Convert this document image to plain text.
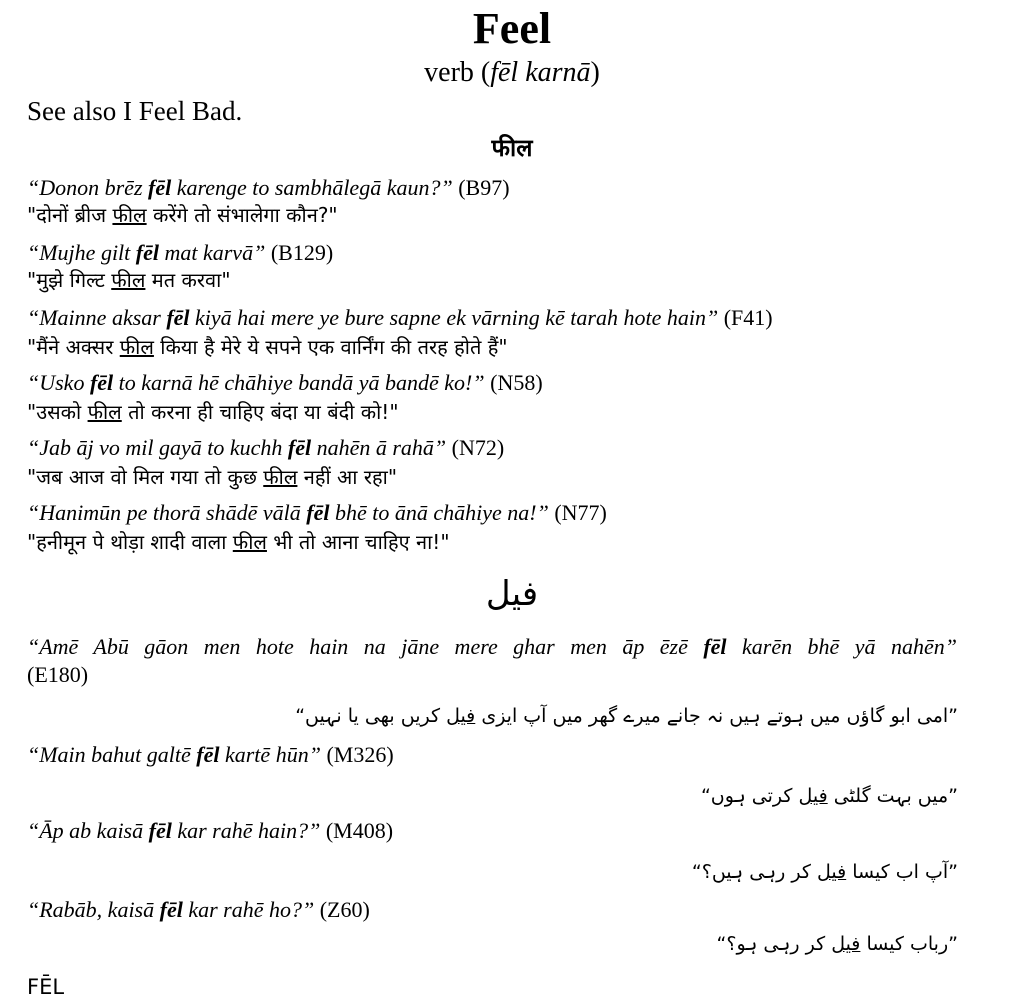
Feel
verb (fēl karnā)
See also I Feel Bad.
फील
“Donon brēz fēl karenge to sambhālegā kaun?” (B97)
"दोनों ब्रीज फील करेंगे तो संभालेगा कौन?"
“Mujhe gilt fēl mat karvā” (B129)
"मुझे गिल्ट फील मत करवा"
“Mainne aksar fēl kiyā hai mere ye bure sapne ek vārning kē tarah hote hain” (F41)
"मैंने अक्सर फील किया है मेरे ये सपने एक वार्निंग की तरह होते हैं"
“Usko fēl to karnā hē chāhiye bandā yā bandē ko!” (N58)
"उसको फील तो करना ही चाहिए बंदा या बंदी को!"
“Jab āj vo mil gayā to kuchh fēl nahēn ā rahā” (N72)
"जब आज वो मिल गया तो कुछ फील नहीं आ रहा"
“Hanimūn pe thorā shādē vālā fēl bhē to ānā chāhiye na!” (N77)
"हनीमून पे थोड़ा शादी वाला फील भी तो आना चाहिए ना!"
فیل
“Amē Abū gāon men hote hain na jāne mere ghar men āp ēzē fēl karēn bhē yā nahēn”
(E180)
”امی ابو گاؤں میں ہوتے ہیں نہ جانے میرے گھر میں آپ ایزی فیل کریں بھی یا نہیں“
“Main bahut galtē fēl kartē hūn” (M326)
”میں بہت گلٹی فیل کرتی ہوں“
“Āp ab kaisā fēl kar rahē hain?” (M408)
”آپ اب کیسا فیل کر رہی ہیں؟“
“Rabāb, kaisā fēl kar rahē ho?” (Z60)
”رباب کیسا فیل کر رہی ہو؟“
FĒL
